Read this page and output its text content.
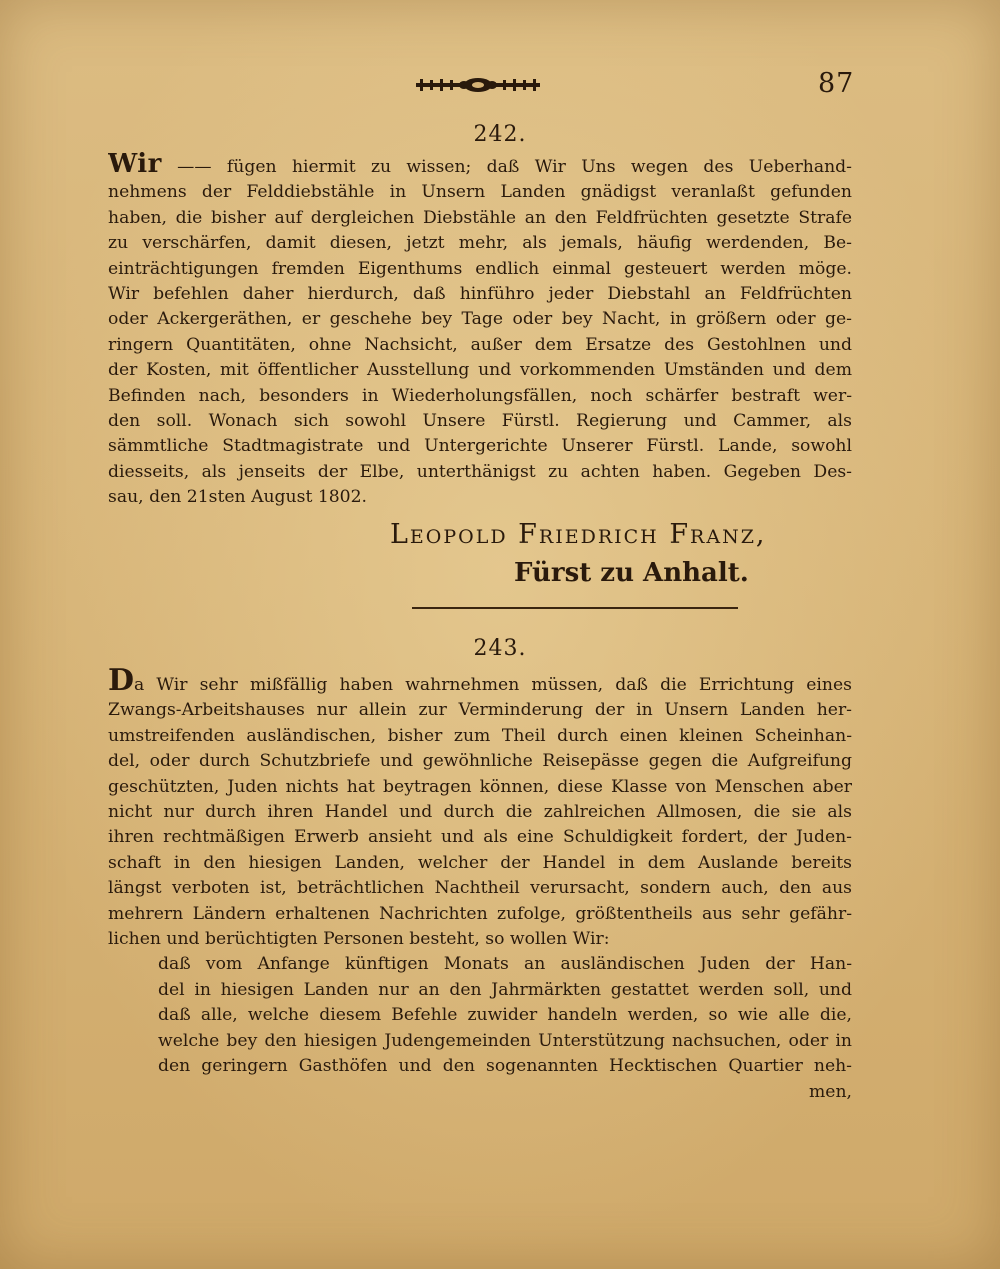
87
242.
Wir —— fügen hiermit zu wissen; daß Wir Uns wegen des Ueberhand-
nehmens der Felddiebstähle in Unsern Landen gnädigst veranlaßt gefunden
haben, die bisher auf dergleichen Diebstähle an den Feldfrüchten gesetzte Strafe
zu verschärfen, damit diesen, jetzt mehr, als jemals, häufig werdenden, Be-
einträchtigungen fremden Eigenthums endlich einmal gesteuert werden möge.
Wir befehlen daher hierdurch, daß hinführo jeder Diebstahl an Feldfrüchten
oder Ackergeräthen, er geschehe bey Tage oder bey Nacht, in größern oder ge-
ringern Quantitäten, ohne Nachsicht, außer dem Ersatze des Gestohlnen und
der Kosten, mit öffentlicher Ausstellung und vorkommenden Umständen und dem
Befinden nach, besonders in Wiederholungsfällen, noch schärfer bestraft wer-
den soll. Wonach sich sowohl Unsere Fürstl. Regierung und Cammer, als
sämmtliche Stadtmagistrate und Untergerichte Unserer Fürstl. Lande, sowohl
diesseits, als jenseits der Elbe, unterthänigst zu achten haben. Gegeben Des-
sau, den 21sten August 1802.
Leopold Friedrich Franz,
Fürst zu Anhalt.
243.
Da Wir sehr mißfällig haben wahrnehmen müssen, daß die Errichtung eines
Zwangs-Arbeitshauses nur allein zur Verminderung der in Unsern Landen her-
umstreifenden ausländischen, bisher zum Theil durch einen kleinen Scheinhan-
del, oder durch Schutzbriefe und gewöhnliche Reisepässe gegen die Aufgreifung
geschützten, Juden nichts hat beytragen können, diese Klasse von Menschen aber
nicht nur durch ihren Handel und durch die zahlreichen Allmosen, die sie als
ihren rechtmäßigen Erwerb ansieht und als eine Schuldigkeit fordert, der Juden-
schaft in den hiesigen Landen, welcher der Handel in dem Auslande bereits
längst verboten ist, beträchtlichen Nachtheil verursacht, sondern auch, den aus
mehrern Ländern erhaltenen Nachrichten zufolge, größtentheils aus sehr gefähr-
lichen und berüchtigten Personen besteht, so wollen Wir:
daß vom Anfange künftigen Monats an ausländischen Juden der Han-
del in hiesigen Landen nur an den Jahrmärkten gestattet werden soll, und
daß alle, welche diesem Befehle zuwider handeln werden, so wie alle die,
welche bey den hiesigen Judengemeinden Unterstützung nachsuchen, oder in
den geringern Gasthöfen und den sogenannten Hecktischen Quartier neh-
men,
